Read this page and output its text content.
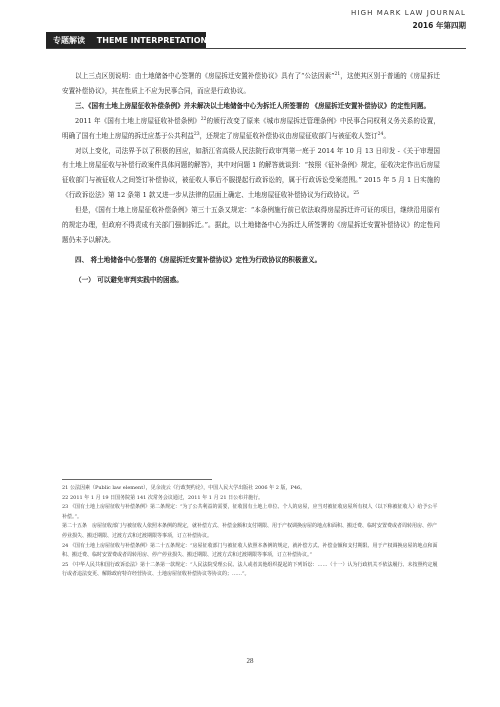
HIGH MARK LAW JOURNAL
2016 年第四期
专题解读 THEME INTERPRETATION

以上三点区别说明：由土地储备中心签署的《房屋拆迁安置补偿协议》具有了“公法因素”$^{21}$，这使其区别于普通的《房屋拆迁安置补偿协议》，其在性质上不应为民事合同，而应是行政协议。

三、《国有土地上房屋征收补偿条例》并未解决以土地储备中心为拆迁人所签署的 《房屋拆迁安置补偿协议》的定性问题。

2011 年《国有土地上房屋征收补偿条例》$^{22}$的颁行改变了原来《城市房屋拆迁管理条例》中民事合同权利义务关系的设置，明确了国有土地上房屋的拆迁应基于公共利益$^{23}$，还规定了房屋征收补偿协议由房屋征收部门与被征收人签订$^{24}$。

对以上变化，司法界予以了积极的回应，如浙江省高级人民法院行政审判第一庭于 2014 年 10 月 13 日印发 -《关于审理国有土地上房屋征收与补偿行政案件具体问题的解答》，其中对问题 1 的解答就谈到：“按照《征补条例》规定，征收决定作出后房屋征收部门与被征收人之间签订补偿协议，被征收人事后不服提起行政诉讼的，属于行政诉讼受案范围。” 2015 年 5 月 1 日实施的《行政诉讼法》第 12 条第 1 款又进一步从法律的层面上确定、土地房屋征收补偿协议为行政协议。$^{25}$

但是，《国有土地上房屋征收补偿条例》第三十五条又规定：“本条例施行前已依法取得房屋拆迁许可证的项目，继续沿用原有的规定办理，但政府不得责成有关部门强制拆迁。”。据此，以土地储备中心为拆迁人所签署的《房屋拆迁安置补偿协议》的定性问题仍未予以解决。

四、 将土地储备中心签署的《房屋拆迁安置补偿协议》定性为行政协议的积极意义。

（一） 可以避免审判实践中的困惑。

21 公法因素（Public law element），见余凌云《行政契约论》，中国人民大学出版社 2006 年 2 版，P46。
22 2011 年 1 月 19 日国务院第 141 次常务会议通过，2011 年 1 月 21 日公布并施行。
23 《国有土地上房屋征收与补偿条例》第二条规定：“为了公共利益的需要，征收国有土地上单位、个人的房屋，应当对被征收房屋所有权人（以下称被征收人）给予公平补偿。”。
第二十五条　房屋征收部门与被征收人依照本条例的规定，就补偿方式、补偿金额和支付期限、用于产权调换房屋的地点和面积、搬迁费、临时安置费或者周转用房、停产停业损失、搬迁期限、过渡方式和过渡期限等事项，订立补偿协议。
24 《国有土地上房屋征收与补偿条例》第二十五条规定：“房屋征收部门与被征收人依照本条例的规定，就补偿方式、补偿金额和支付期限、用于产权调换房屋的地点和面积、搬迁费、临时安置费或者周转用房、停产停业损失、搬迁期限、过渡方式和过渡期限等事项，订立补偿协议。”
25 《中华人民共和国行政诉讼法》第十二条第一款规定：“人民法院受理公民、法人或者其他组织提起的下列诉讼：……（十一）认为行政机关不依法履行、未按照约定履行或者违法变更、解除政府特许经营协议、土地房屋征收补偿协议等协议的；……”。
28
